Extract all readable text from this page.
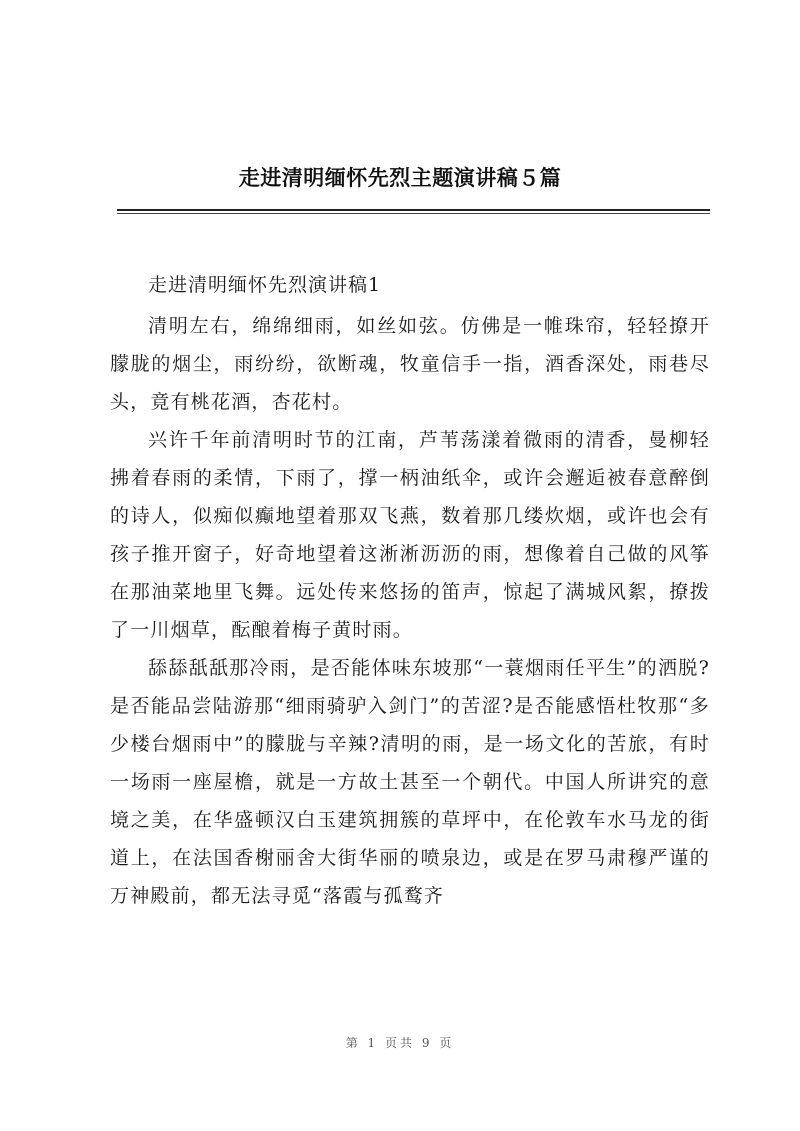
走进清明缅怀先烈主题演讲稿５篇

走进清明缅怀先烈演讲稿1

清明左右，绵绵细雨，如丝如弦。仿佛是一帷珠帘，轻轻撩开朦胧的烟尘，雨纷纷，欲断魂，牧童信手一指，酒香深处，雨巷尽头，竟有桃花酒，杏花村。

兴许千年前清明时节的江南，芦苇荡漾着微雨的清香，曼柳轻拂着春雨的柔情，下雨了，撑一柄油纸伞，或许会邂逅被春意醉倒的诗人，似痴似癫地望着那双飞燕，数着那几缕炊烟，或许也会有孩子推开窗子，好奇地望着这淅淅沥沥的雨，想像着自己做的风筝在那油菜地里飞舞。远处传来悠扬的笛声，惊起了满城风絮，撩拨了一川烟草，酝酿着梅子黄时雨。

舔舔舐舐那冷雨，是否能体味东坡那“一蓑烟雨任平生”的洒脱?是否能品尝陆游那“细雨骑驴入剑门”的苦涩?是否能感悟杜牧那“多少楼台烟雨中”的朦胧与辛辣?清明的雨，是一场文化的苦旅，有时一场雨一座屋檐，就是一方故土甚至一个朝代。中国人所讲究的意境之美，在华盛顿汉白玉建筑拥簇的草坪中，在伦敦车水马龙的街道上，在法国香榭丽舍大街华丽的喷泉边，或是在罗马肃穆严谨的万神殿前，都无法寻觅“落霞与孤鹜齐

第 1 页共 9 页
